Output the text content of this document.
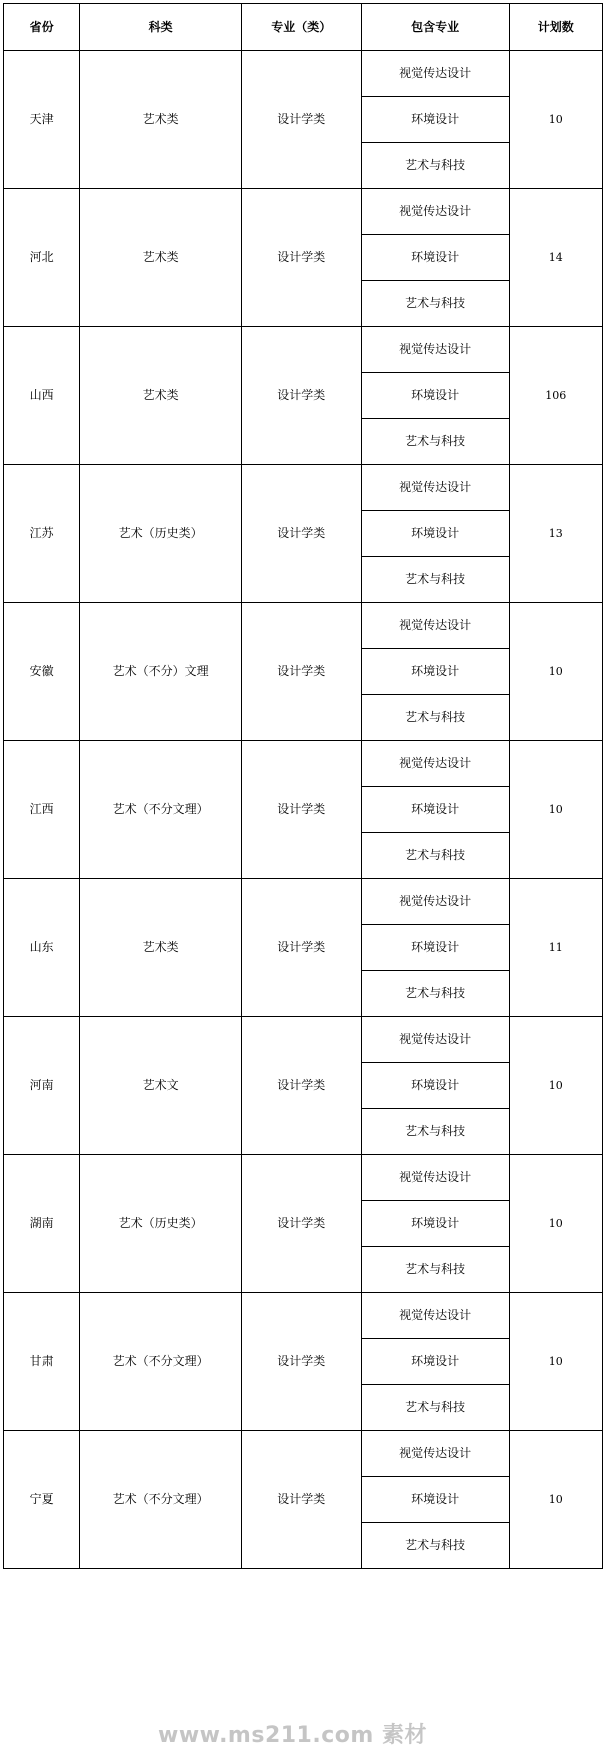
省份	科类	专业（类）	包含专业	计划数
天津	艺术类	设计学类	视觉传达设计	10
			环境设计	
			艺术与科技	
河北	艺术类	设计学类	视觉传达设计	14
			环境设计	
			艺术与科技	
山西	艺术类	设计学类	视觉传达设计	106
			环境设计	
			艺术与科技	
江苏	艺术（历史类）	设计学类	视觉传达设计	13
			环境设计	
			艺术与科技	
安徽	艺术（不分）文理	设计学类	视觉传达设计	10
			环境设计	
			艺术与科技	
江西	艺术（不分文理）	设计学类	视觉传达设计	10
			环境设计	
			艺术与科技	
山东	艺术类	设计学类	视觉传达设计	11
			环境设计	
			艺术与科技	
河南	艺术文	设计学类	视觉传达设计	10
			环境设计	
			艺术与科技	
湖南	艺术（历史类）	设计学类	视觉传达设计	10
			环境设计	
			艺术与科技	
甘肃	艺术（不分文理）	设计学类	视觉传达设计	10
			环境设计	
			艺术与科技	
宁夏	艺术（不分文理）	设计学类	视觉传达设计	10
			环境设计	
			艺术与科技	
www.ms211.com 素材
